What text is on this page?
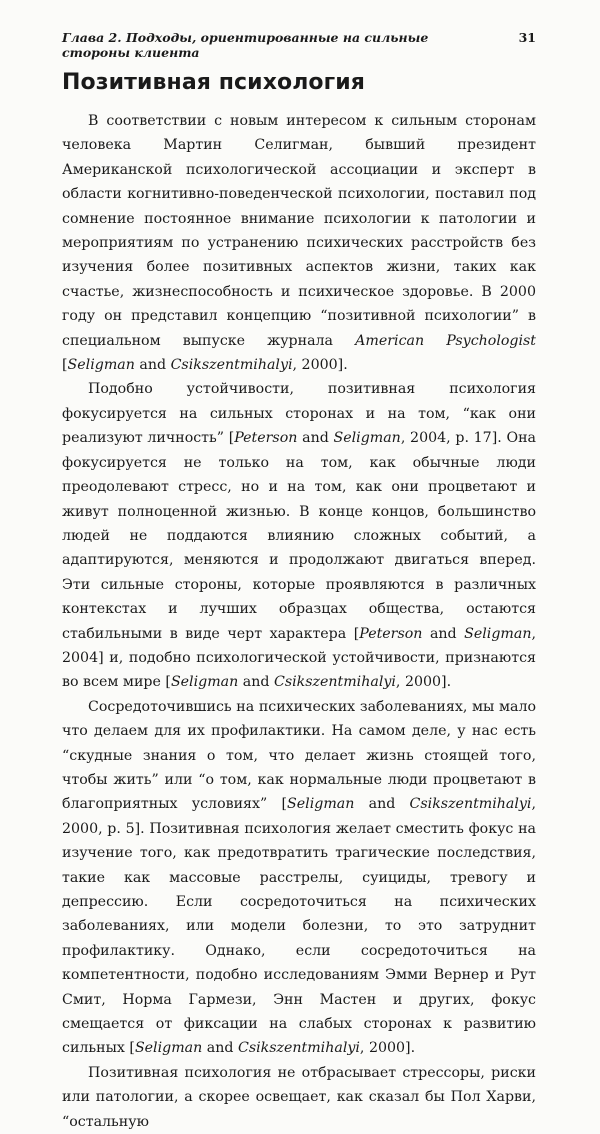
Глава 2. Подходы, ориентированные на сильные стороны клиента
31
Позитивная психология

В соответствии с новым интересом к сильным сторонам человека Мартин Селигман, бывший президент Американской психологической ассоциации и эксперт в области когнитивно-поведенческой психологии, поставил под сомнение постоянное внимание психологии к патологии и мероприятиям по устранению психических расстройств без изучения более позитивных аспектов жизни, таких как счастье, жизнеспособность и психическое здоровье. В 2000 году он представил концепцию “позитивной психологии” в специальном выпуске журнала American Psychologist [Seligman and Csikszentmihalyi, 2000].

Подобно устойчивости, позитивная психология фокусируется на сильных сторонах и на том, “как они реализуют личность” [Peterson and Seligman, 2004, p. 17]. Она фокусируется не только на том, как обычные люди преодолевают стресс, но и на том, как они процветают и живут полноценной жизнью. В конце концов, большинство людей не поддаются влиянию сложных событий, а адаптируются, меняются и продолжают двигаться вперед. Эти сильные стороны, которые проявляются в различных контекстах и лучших образцах общества, остаются стабильными в виде черт характера [Peterson and Seligman, 2004] и, подобно психологической устойчивости, признаются во всем мире [Seligman and Csikszentmihalyi, 2000].

Сосредоточившись на психических заболеваниях, мы мало что делаем для их профилактики. На самом деле, у нас есть “скудные знания о том, что делает жизнь стоящей того, чтобы жить” или “о том, как нормальные люди процветают в благоприятных условиях” [Seligman and Csikszentmihalyi, 2000, p. 5]. Позитивная психология желает сместить фокус на изучение того, как предотвратить трагические последствия, такие как массовые расстрелы, суициды, тревогу и депрессию. Если сосредоточиться на психических заболеваниях, или модели болезни, то это затруднит профилактику. Однако, если сосредоточиться на компетентности, подобно исследованиям Эмми Вернер и Рут Смит, Норма Гармези, Энн Мастен и других, фокус смещается от фиксации на слабых сторонах к развитию сильных [Seligman and Csikszentmihalyi, 2000].

Позитивная психология не отбрасывает стрессоры, риски или патологии, а скорее освещает, как сказал бы Пол Харви, “остальную
